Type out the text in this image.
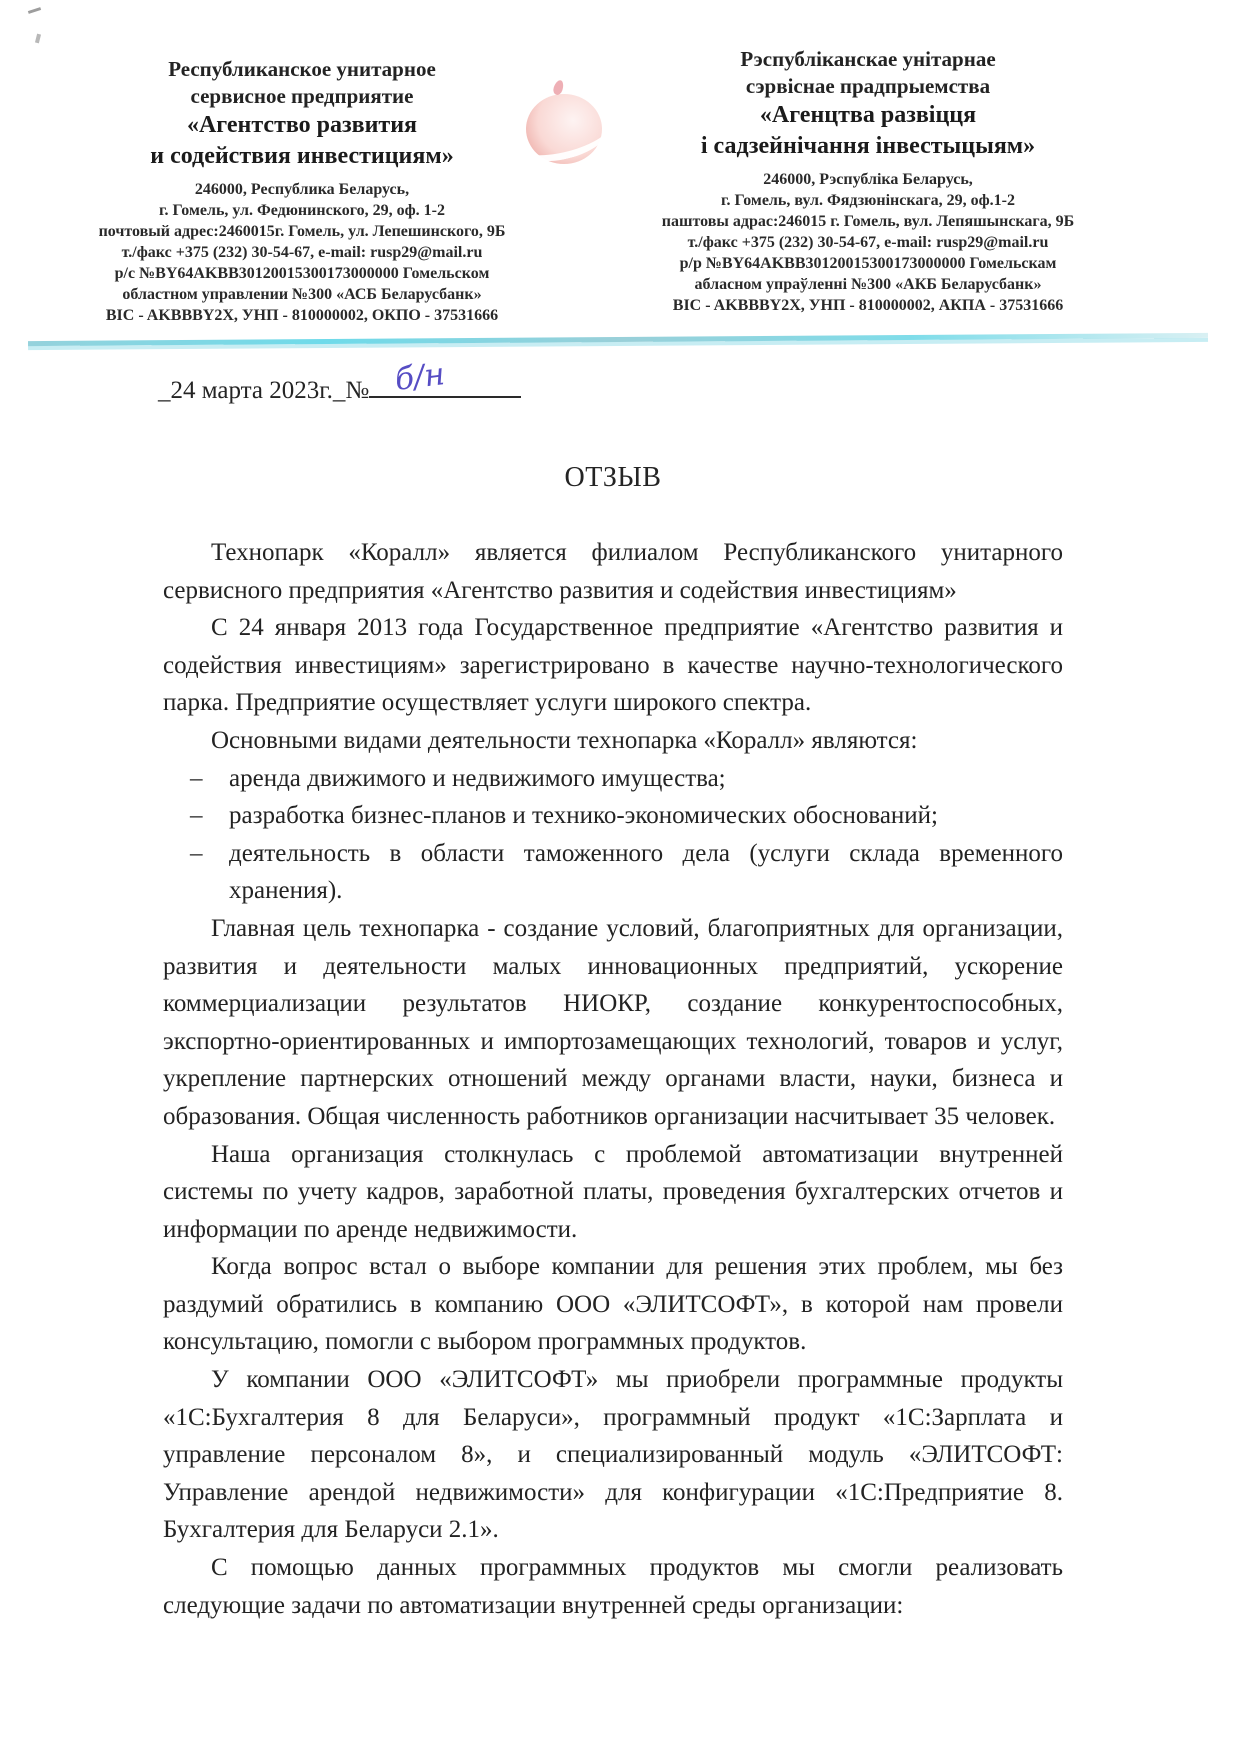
Республиканское унитарное
сервисное предприятие
«Агентство развития
и содействия инвестициям»
246000, Республика Беларусь,
г. Гомель, ул. Федюнинского, 29, оф. 1-2
почтовый адрес:2460015г. Гомель, ул. Лепешинского, 9Б
т./факс +375 (232) 30-54-67, e-mail: rusp29@mail.ru
р/с №BY64AKBB30120015300173000000 Гомельском
областном управлении №300 «АСБ Беларусбанк»
BIC - AKBBBY2X, УНП - 810000002, ОКПО - 37531666
Рэспубліканскае унітарнае
сэрвіснае прадпрыемства
«Агенцтва развіцця
і садзейнічання інвестыцыям»
246000, Рэспубліка Беларусь,
г. Гомель, вул. Фядзюнінскага, 29, оф.1-2
паштовы адрас:246015 г. Гомель, вул. Лепяшынскага, 9Б
т./факс +375 (232) 30-54-67, e-mail: rusp29@mail.ru
р/р №BY64AKBB30120015300173000000 Гомельскам
абласном упраўленні №300 «АКБ Беларусбанк»
BIC - AKBBBY2X, УНП - 810000002, АКПА - 37531666
_24 марта 2023г._№ б/н
ОТЗЫВ

Технопарк «Коралл» является филиалом Республиканского унитарного сервисного предприятия «Агентство развития и содействия инвестициям»

С 24 января 2013 года Государственное предприятие «Агентство развития и содействия инвестициям» зарегистрировано в качестве научно-технологического парка. Предприятие осуществляет услуги широкого спектра.

Основными видами деятельности технопарка «Коралл» являются:

– аренда движимого и недвижимого имущества;
– разработка бизнес-планов и технико-экономических обоснований;
– деятельность в области таможенного дела (услуги склада временного хранения).

Главная цель технопарка - создание условий, благоприятных для организации, развития и деятельности малых инновационных предприятий, ускорение коммерциализации результатов НИОКР, создание конкурентоспособных, экспортно-ориентированных и импортозамещающих технологий, товаров и услуг, укрепление партнерских отношений между органами власти, науки, бизнеса и образования. Общая численность работников организации насчитывает 35 человек.

Наша организация столкнулась с проблемой автоматизации внутренней системы по учету кадров, заработной платы, проведения бухгалтерских отчетов и информации по аренде недвижимости.

Когда вопрос встал о выборе компании для решения этих проблем, мы без раздумий обратились в компанию ООО «ЭЛИТСОФТ», в которой нам провели консультацию, помогли с выбором программных продуктов.

У компании ООО «ЭЛИТСОФТ» мы приобрели программные продукты «1С:Бухгалтерия 8 для Беларуси», программный продукт «1С:Зарплата и управление персоналом 8», и специализированный модуль «ЭЛИТСОФТ: Управление арендой недвижимости» для конфигурации «1С:Предприятие 8. Бухгалтерия для Беларуси 2.1».

С помощью данных программных продуктов мы смогли реализовать следующие задачи по автоматизации внутренней среды организации:
